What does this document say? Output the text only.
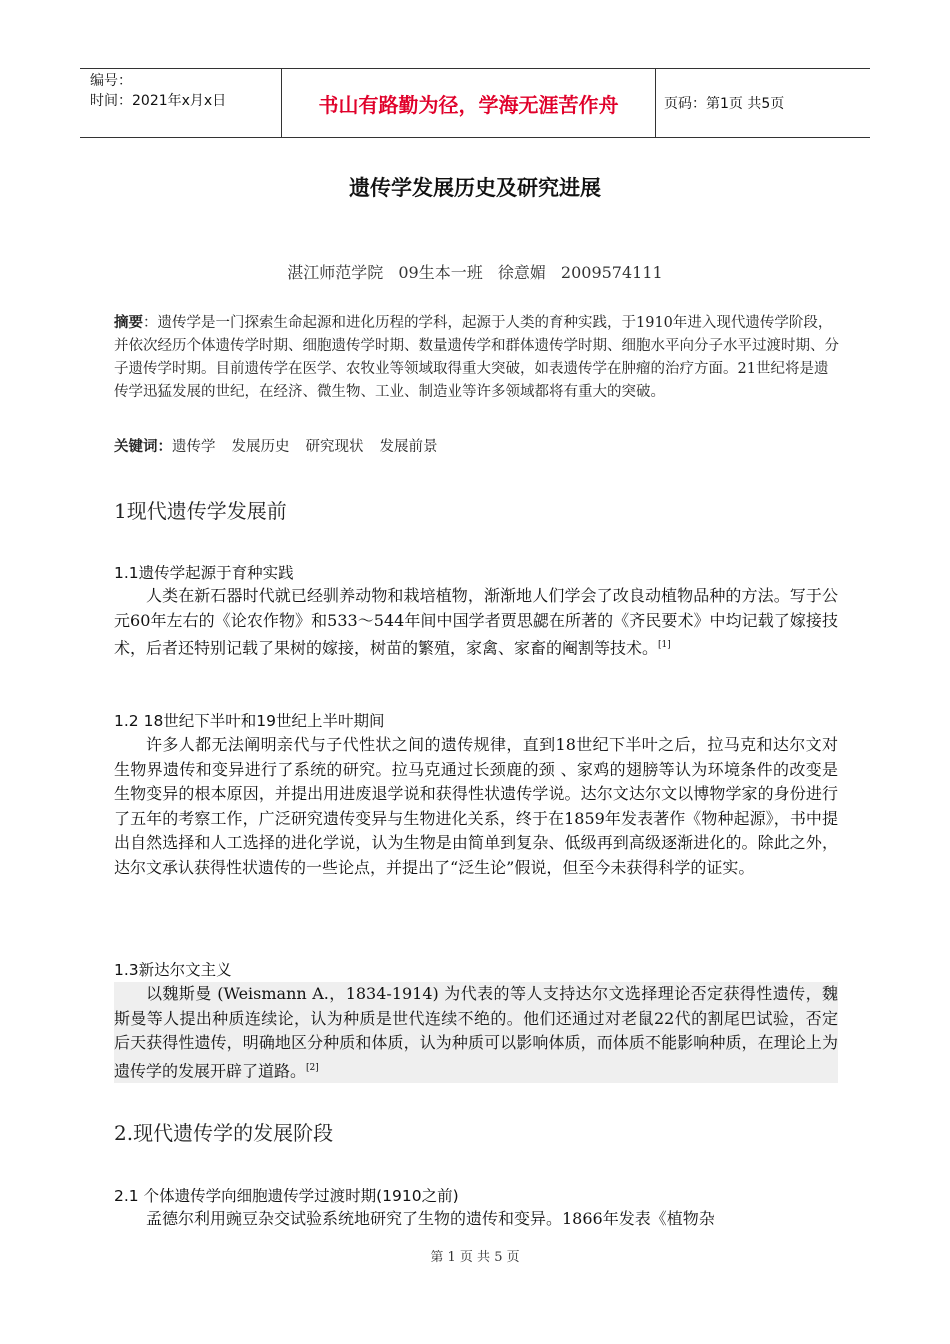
编号：
时间：2021年x月x日	书山有路勤为径，学海无涯苦作舟	页码：第1页 共5页
遗传学发展历史及研究进展
湛江师范学院 09生本一班 徐意媚 2009574111
摘要：遗传学是一门探索生命起源和进化历程的学科，起源于人类的育种实践，于1910年进入现代遗传学阶段，并依次经历个体遗传学时期、细胞遗传学时期、数量遗传学和群体遗传学时期、细胞水平向分子水平过渡时期、分子遗传学时期。目前遗传学在医学、农牧业等领域取得重大突破，如表遗传学在肿瘤的治疗方面。21世纪将是遗传学迅猛发展的世纪，在经济、微生物、工业、制造业等许多领域都将有重大的突破。
关键词：遗传学 发展历史 研究现状 发展前景
1现代遗传学发展前
1.1遗传学起源于育种实践
人类在新石器时代就已经驯养动物和栽培植物，渐渐地人们学会了改良动植物品种的方法。写于公元60年左右的《论农作物》和533～544年间中国学者贾思勰在所著的《齐民要术》中均记载了嫁接技术，后者还特别记载了果树的嫁接，树苗的繁殖，家禽、家畜的阉割等技术。[1]
1.2 18世纪下半叶和19世纪上半叶期间
许多人都无法阐明亲代与子代性状之间的遗传规律，直到18世纪下半叶之后，拉马克和达尔文对生物界遗传和变异进行了系统的研究。拉马克通过长颈鹿的颈 、家鸡的翅膀等认为环境条件的改变是生物变异的根本原因，并提出用进废退学说和获得性状遗传学说。达尔文达尔文以博物学家的身份进行了五年的考察工作，广泛研究遗传变异与生物进化关系，终于在1859年发表著作《物种起源》，书中提出自然选择和人工选择的进化学说，认为生物是由简单到复杂、低级再到高级逐渐进化的。除此之外，达尔文承认获得性状遗传的一些论点，并提出了“泛生论”假说，但至今未获得科学的证实。
1.3新达尔文主义
以魏斯曼 (Weismann A.，1834-1914) 为代表的等人支持达尔文选择理论否定获得性遗传，魏斯曼等人提出种质连续论，认为种质是世代连续不绝的。他们还通过对老鼠22代的割尾巴试验，否定后天获得性遗传，明确地区分种质和体质，认为种质可以影响体质，而体质不能影响种质，在理论上为遗传学的发展开辟了道路。[2]
2.现代遗传学的发展阶段
2.1 个体遗传学向细胞遗传学过渡时期(1910之前)
孟德尔利用豌豆杂交试验系统地研究了生物的遗传和变异。1866年发表《植物杂
第 1 页 共 5 页
